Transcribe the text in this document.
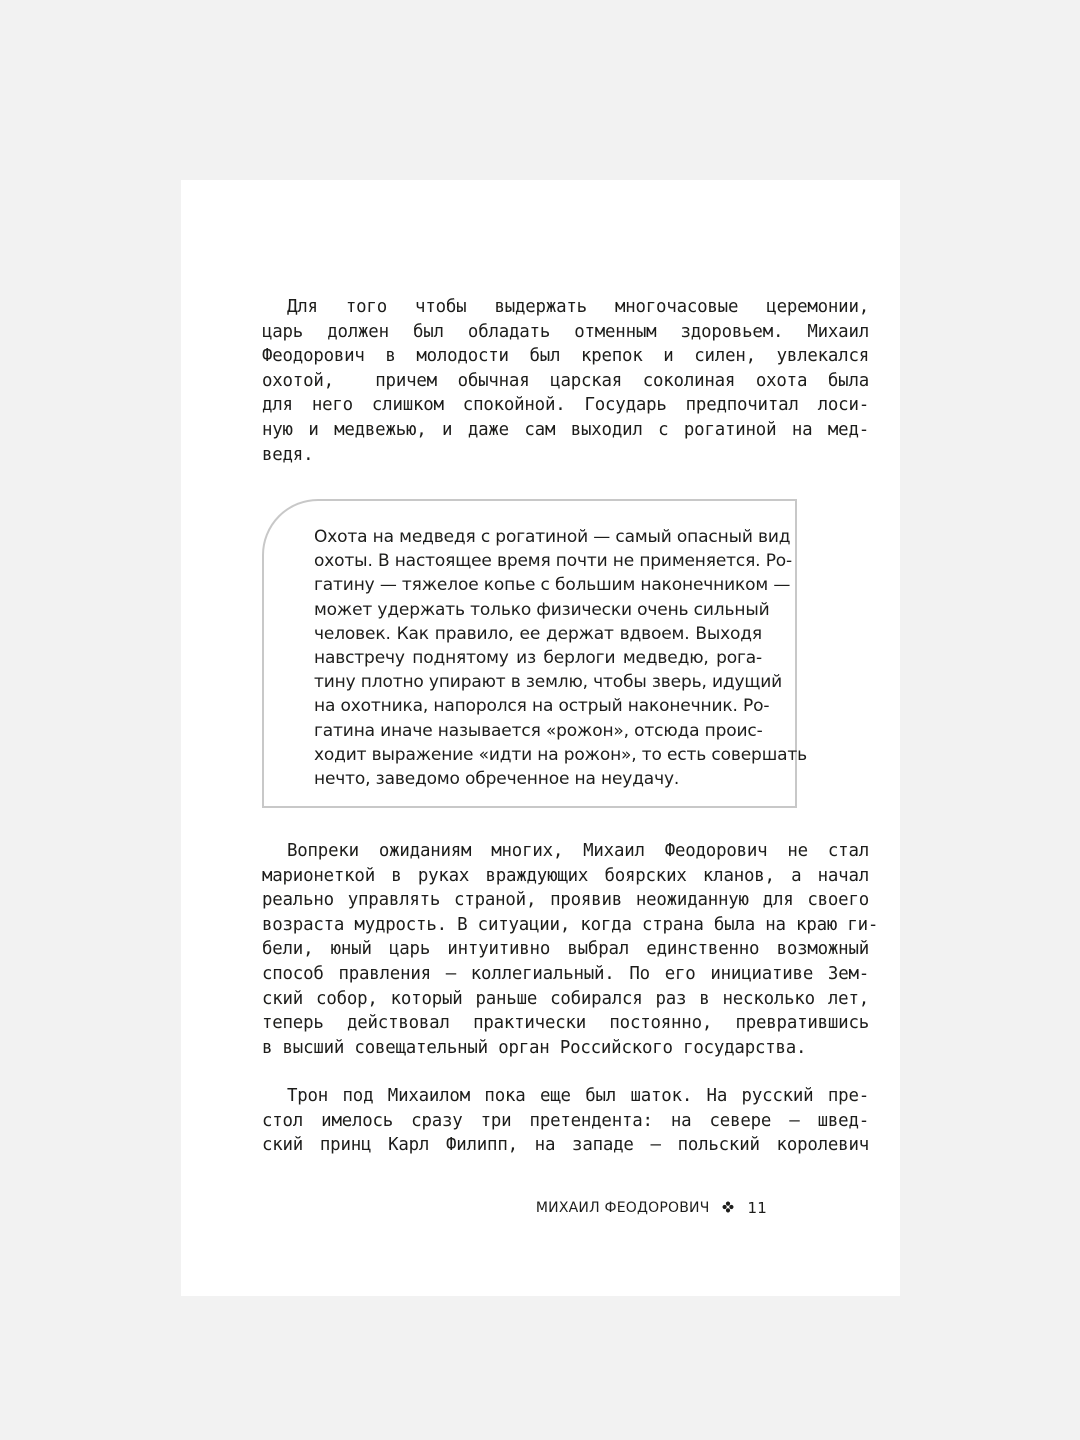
Для того чтобы выдержать многочасовые церемонии,
царь должен был обладать отменным здоровьем. Михаил
Феодорович в молодости был крепок и силен, увлекался
охотой,  причем обычная царская соколиная охота была
для него слишком спокойной. Государь предпочитал лоси-
ную и медвежью, и даже сам выходил с рогатиной на мед-
ведя.
Охота на медведя с рогатиной — самый опасный вид
охоты. В настоящее время почти не применяется. Ро-
гатину — тяжелое копье с большим наконечником —
может удержать только физически очень сильный
человек. Как правило, ее держат вдвоем. Выходя
навстречу поднятому из берлоги медведю, рога-
тину плотно упирают в землю, чтобы зверь, идущий
на охотника, напоролся на острый наконечник. Ро-
гатина иначе называется «рожон», отсюда проис-
ходит выражение «идти на рожон», то есть совершать
нечто, заведомо обреченное на неудачу.
Вопреки ожиданиям многих, Михаил Феодорович не стал
марионеткой в руках враждующих боярских кланов, а начал
реально управлять страной, проявив неожиданную для своего
возраста мудрость. В ситуации, когда страна была на краю ги-
бели, юный царь интуитивно выбрал единственно возможный
способ правления — коллегиальный. По его инициативе Зем-
ский собор, который раньше собирался раз в несколько лет,
теперь действовал практически постоянно, превратившись
в высший совещательный орган Российского государства.
Трон под Михаилом пока еще был шаток. На русский пре-
стол имелось сразу три претендента: на севере — швед-
ский принц Карл Филипп, на западе — польский королевич
МИХАИЛ ФЕОДОРОВИЧ	11
